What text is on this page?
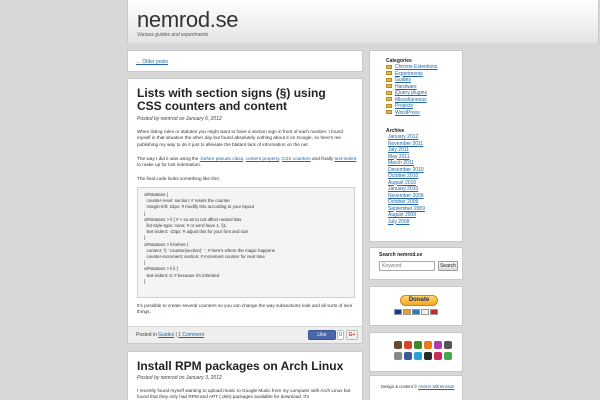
nemrod.se
Various guides and experiments
← Older posts
Lists with section signs (§) using CSS counters and content
Posted by nemrod on January 6, 2012
When listing rules or statutes you might want to have a section sign in front of each number. I found myself in that situation the other day but found absolutely nothing about it on Google, so here's me publishing my way to do it just to alleviate the blatant lack of information on the net.
The way I did it was using the :before pseudo class, content property, CSS counters and finally text-indent to make up for lost indentation.
The final code looks something like this:
ol#statutes {
counter-reset: section; # resets the counter
margin-left: 23px; # modify this according to your layout
}
ol#statutes > li { # > so as to not affect nested lists
list-style-type: none; # or we'd have 1. §1.
text-indent: -23px; # adjust this for your font and size
}
ol#statutes > li:before {
content: '§ ' counter(section) ' '; # here's where the magic happens
counter-increment: section; # increment counter for next time
}
ol#statutes > li li {
text-indent: 0; # because it's inherited
}
It's possible to create several counters so you can change the way subsections look and all sorts of nice things.
Posted in Guides | 1 Comment	Like	0	G+
Install RPM packages on Arch Linux
Posted by nemrod on January 3, 2012
I recently found myself wanting to upload music to Google Music from my computer with Arch Linux but found that they only had RPM and APT (.deb) packages available for download. It's
Categories
Chrome Extentions
Experiments
Guides
Hardware
jQuery plugins
Miscellaneous
Projects
WordPress
Archive
January 2012
November 2011
July 2011
May 2011
March 2011
December 2010
October 2010
August 2010
January 2010
November 2009
October 2009
September 2009
August 2009
July 2009
Search nemrod.se
Keyword	Search
Donate
Design & content © Anders Mårtensson
